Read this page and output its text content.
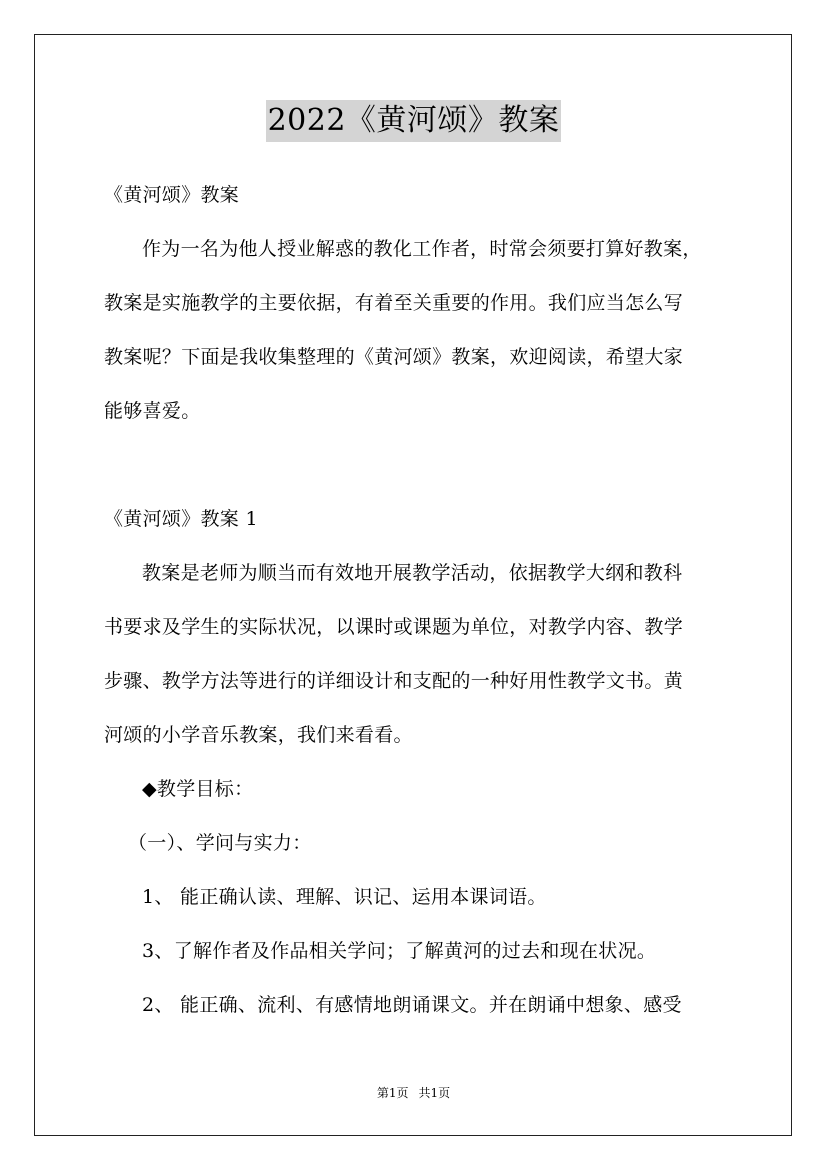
2022《黄河颂》教案
《黄河颂》教案
作为一名为他人授业解惑的教化工作者，时常会须要打算好教案，
教案是实施教学的主要依据，有着至关重要的作用。我们应当怎么写
教案呢？下面是我收集整理的《黄河颂》教案，欢迎阅读，希望大家
能够喜爱。
《黄河颂》教案 1
教案是老师为顺当而有效地开展教学活动，依据教学大纲和教科
书要求及学生的实际状况，以课时或课题为单位，对教学内容、教学
步骤、教学方法等进行的详细设计和支配的一种好用性教学文书。黄
河颂的小学音乐教案，我们来看看。
◆教学目标：
（一）、学问与实力：
1、 能正确认读、理解、识记、运用本课词语。
3、了解作者及作品相关学问；了解黄河的过去和现在状况。
2、 能正确、流利、有感情地朗诵课文。并在朗诵中想象、感受
第1页 共1页
